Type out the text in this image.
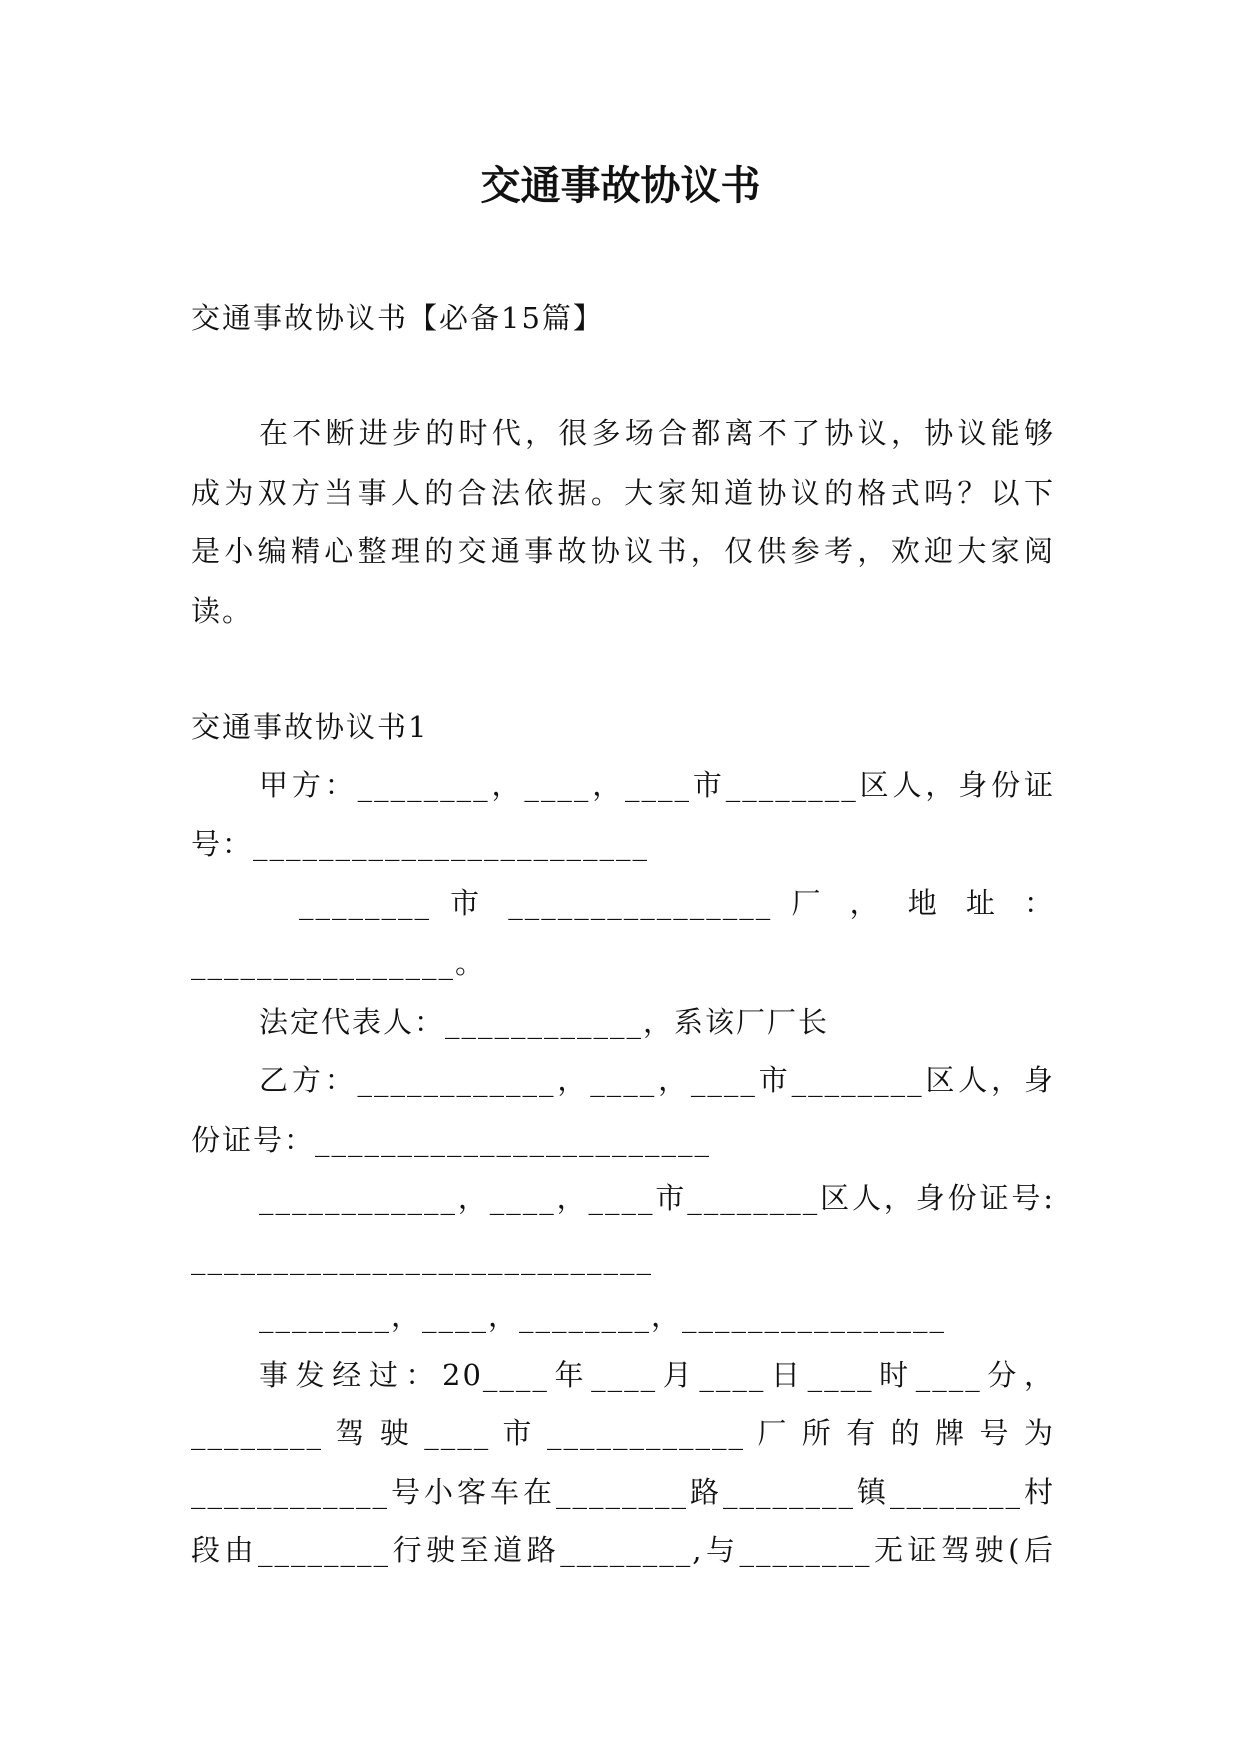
交通事故协议书
交通事故协议书【必备15篇】
在不断进步的时代，很多场合都离不了协议，协议能够
成为双方当事人的合法依据。大家知道协议的格式吗？以下
是小编精心整理的交通事故协议书，仅供参考，欢迎大家阅
读。
交通事故协议书1
甲方：________，____，____市________区人，身份证
号：________________________
________ 市 ________________ 厂 ， 地 址 ：
________________。
法定代表人：____________，系该厂厂长
乙方：____________，____，____市________区人，身
份证号：________________________
____________，____，____市________区人，身份证号:
____________________________
________，____，________，________________
事发经过：20____年____月____日____时____分，
________ 驾 驶 ____ 市 ____________ 厂 所 有 的 牌 号 为
____________号小客车在________路________镇________村
段由________行驶至道路________,与________无证驾驶(后
